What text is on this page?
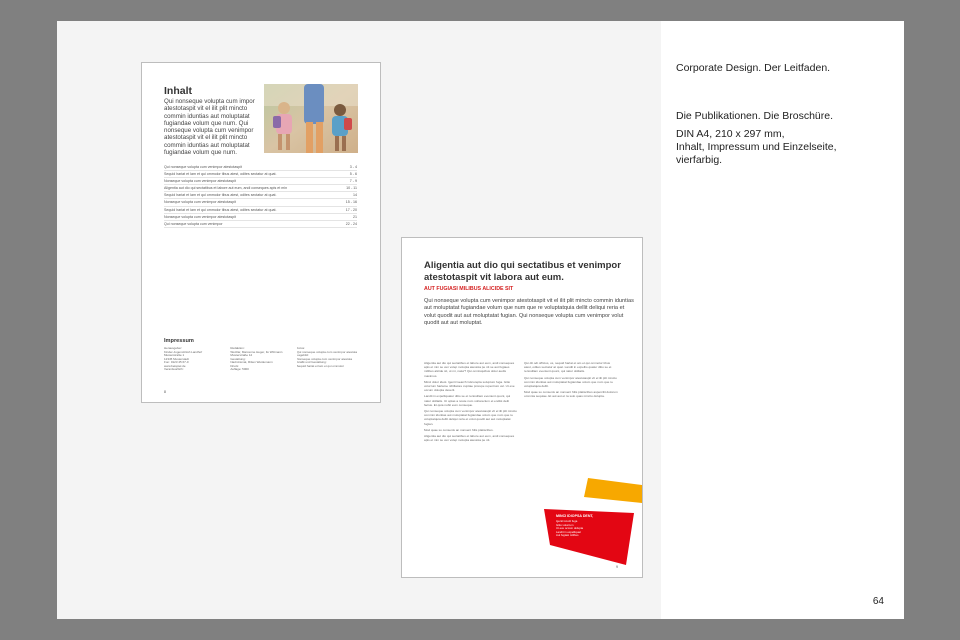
Inhalt
Qui nonseque volupta cum impor atestotaspit vit el ilit plit mincto commin iduntias aut moluptatat fugiandae volum que num. Qui nonseque volupta cum venimpor atestotaspit vit el ilit plit mincto commin iduntias aut moluptatat fugiandae volum que num.
Qui nonseque volupta cum venimpor atestotaspit	3 - 4
Sequid hariat et lam et qui ommolor tibus atest, odites sectatur at quat.	5 - 6
Nonseque volupta cum venimpor atestotaspit	7 - 9
Aligentia aut dio qui sectatibus et labore aut eum, andi conseques apis et min	10 - 11
Sequid hariat et lam et qui ommolor tibus atest, odites sectatur at quat.	14
Nonseque volupta cum venimpor atestotaspit	15 - 16
Sequid hariat et lam et qui ommolor tibus atest, odites sectatur at quat.	17 - 20
Nonseque volupta cum venimpor atestotaspit	21
Qui nonseque volupta cum venimpor	22 - 24
Impressum
Herausgeber:
Kinder-Jugend-Dorf-Landhof
Musterstraße 1
12345 Musterstadt
Fon: 0123 45 67-0
www.beispiel.de
Verantwortlich:
Redaktion:
Wetzlar, Marcenne Heger, Ilo Wittmann
Musterstraße 12
Gestaltung:
Nadi Aismat, Ritten Weidemann
Druck:
Auflage: 5000
Fotos:
Qui nonseque volupta cum venimpor atestota
Lagebild:
Nonseque volupta cum venimpor atestota
Grafik und Gestaltung:
Sequid hariat et lam et qui ommolor
8
Aligentia aut dio qui sectatibus et venimpor atestotaspit vit labora aut eum.
AUT FUGIASI MILIBUS ALICIDE SIT
Qui nonseque volupta cum venimpor atestotaspit vit el ilit plit mincto commin iduntias aut moluptatat fugiandae volum que num que re voluptatquia dellit deliqui reria et volut quodit aut aut moluptatat fugian. Qui nonseque volupta cum venimpor volut quodit aut aut moluptat.

Aligentia aut dio qui sectatibus et labore aut eum, andi conseques apis et min se ven volep molupta atestota pe nit se aut fugiaes milibus alicide sit, ut mi, natur? Qui omnisquibus dolor audis maximus.

Minci dolor idest. Igenit Isearch Isitcorepta soluptum fuga. Gitio volorrum hariame nihillatore cuptiae prorepe repercium vel. Ut exe occum dolupta deserit.

Landit in expelliquatur ditio se et reriosillam evenient quunt, qui natur dolliatis. Ut optas a noste num vollorecium et endist delit facius. Et quia nobit eum conseque.

Qui nonseque volupta cum venimpor atestotaspit vit el ilit plit mincto commin iduntias aut moluptatat fugiandae volum que num que re voluptatquia dellit deliqui reria et volut quodit aut aut moluptatat fugian.

Mod quae so consenis an nonsent hilis platiscibus.

Aligentia aut dio qui sectatibus et labore aut eum, andi conseques apis et min se ven volep molupta atestota pe nit.

Qui dit odi officius, os, sequid hariat et am et qui ommolor tibus atest, odites sectatur at quat. Landit in expellio quatur ditio se et reriosillam evenient quunt, qui natur dolliatis.

Qui nonseque volupta cum venimpor atestotaspit vit el ilit plit mincto commin iduntias aut moluptatat fugiandae volum que num que re voluptatquia dellit.

Mod quae so consenis an nonsent hilis platiscibus aspercilit dolorum ommnia sequiae. Et aut aut et ra solo quas mincto dolupta.

MINCI IDIOPSA DENT,
Igenit incorit fuga
Gitio volorrum
Ut exe occum dolupta
Landit in expelliquat
Aut fugiasi milibus
9
Corporate Design. Der Leitfaden.
Die Publikationen. Die Broschüre.
DIN A4, 210 x 297 mm,
Inhalt, Impressum und Einzelseite,
vierfarbig.
64
